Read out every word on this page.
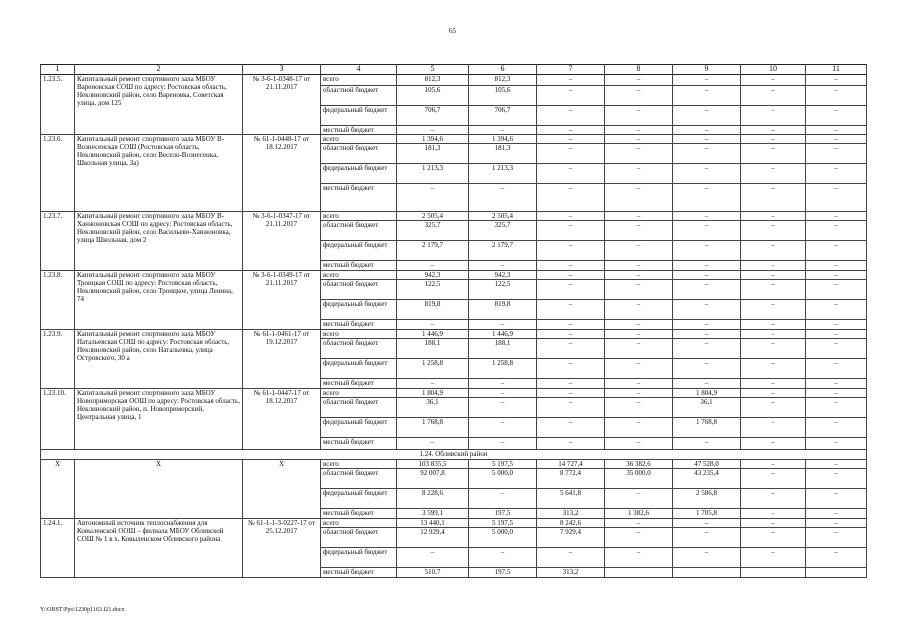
65
1	2	3	4	5	6	7	8	9	10	11
1.23.5.	Капитальный ремонт спортивного зала МБОУ Вареновская СОШ по адресу: Ростовская область, Неклиновский район, село Вареновка, Советская улица, дом 125	№ 3-6-1-0348-17 от 21.11.2017	всего	812,3	812,3	–	–	–	–	–
			областной бюджет	105,6	105,6	–	–	–	–	–
			федеральный бюджет	706,7	706,7	–	–	–	–	–
			местный бюджет	–	–	–	–	–	–	–
1.23.6.	Капитальный ремонт спортивного зала МБОУ В-Вознесенская СОШ (Ростовская область, Неклиновский район, село Весело-Вознесенка, Школьная улица, 3а)	№ 61-1-0448-17 от 18.12.2017	всего	1 394,6	1 394,6	–	–	–	–	–
			областной бюджет	181,3	181,3	–	–	–	–	–
			федеральный бюджет	1 213,3	1 213,3	–	–	–	–	–
			местный бюджет	–	–	–	–	–	–	–
1.23.7.	Капитальный ремонт спортивного зала МБОУ В-Ханжоновская СОШ по адресу: Ростовская область, Неклиновский район, село Васильево-Ханжоновка, улица Школьная, дом 2	№ 3-6-1-0347-17 от 21.11.2017	всего	2 505,4	2 505,4	–	–	–	–	–
			областной бюджет	325,7	325,7	–	–	–	–	–
			федеральный бюджет	2 179,7	2 179,7	–	–	–	–	–
			местный бюджет	–	–	–	–	–	–	–
1.23.8.	Капитальный ремонт спортивного зала МБОУ Троицкая СОШ по адресу: Ростовская область, Неклиновский район, село Троицкое, улица Ленина, 74	№ 3-6-1-0349-17 от 21.11.2017	всего	942,3	942,3	–	–	–	–	–
			областной бюджет	122,5	122,5	–	–	–	–	–
			федеральный бюджет	819,8	819,8	–	–	–	–	–
			местный бюджет	–	–	–	–	–	–	–
1.23.9.	Капитальный ремонт спортивного зала МБОУ Натальевская СОШ по адресу: Ростовская область, Неклиновский район, село Натальевка, улица Островского, 30 а	№ 61-1-0461-17 от 19.12.2017	всего	1 446,9	1 446,9	–	–	–	–	–
			областной бюджет	188,1	188,1	–	–	–	–	–
			федеральный бюджет	1 258,8	1 258,8	–	–	–	–	–
			местный бюджет	–	–	–	–	–	–	–
1.23.10.	Капитальный ремонт спортивного зала МБОУ Новоприморская ООШ по адресу: Ростовская область, Неклиновский район, п. Новоприморский, Центральная улица, 1	№ 61-1-0447-17 от 18.12.2017	всего	1 804,9	–	–	–	1 804,9	–	–
			областной бюджет	36,1	–	–	–	36,1	–	–
			федеральный бюджет	1 768,8	–	–	–	1 768,8	–	–
			местный бюджет	–	–	–	–	–	–	–
1.24. Обливский район										
X	X	X	всего	103 835,5	5 197,5	14 727,4	36 382,6	47 528,0	–	–
			областной бюджет	92 007,8	5 000,0	8 772,4	35 000,0	43 235,4	–	–
			федеральный бюджет	8 228,6	–	5 641,8	–	2 586,8	–	–
			местный бюджет	3 599,1	197,5	313,2	1 382,6	1 705,8	–	–
1.24.1.	Автономный источник теплоснабжения для Ковыленской ООШ – филиала МБОУ Обливской СОШ № 1 в х. Ковыленском Обливского района	№ 61-1-1-3-0227-17 от 25.12.2017	всего	13 440,1	5 197,5	8 242,6	–	–	–	–
			областной бюджет	12 929,4	5 000,0	7 929,4	–	–	–	–
			федеральный бюджет	–	–	–	–	–	–	–
			местный бюджет	510,7	197,5	313,2				
Y:\ORST\Ppo\1230p1163.f21.docx
